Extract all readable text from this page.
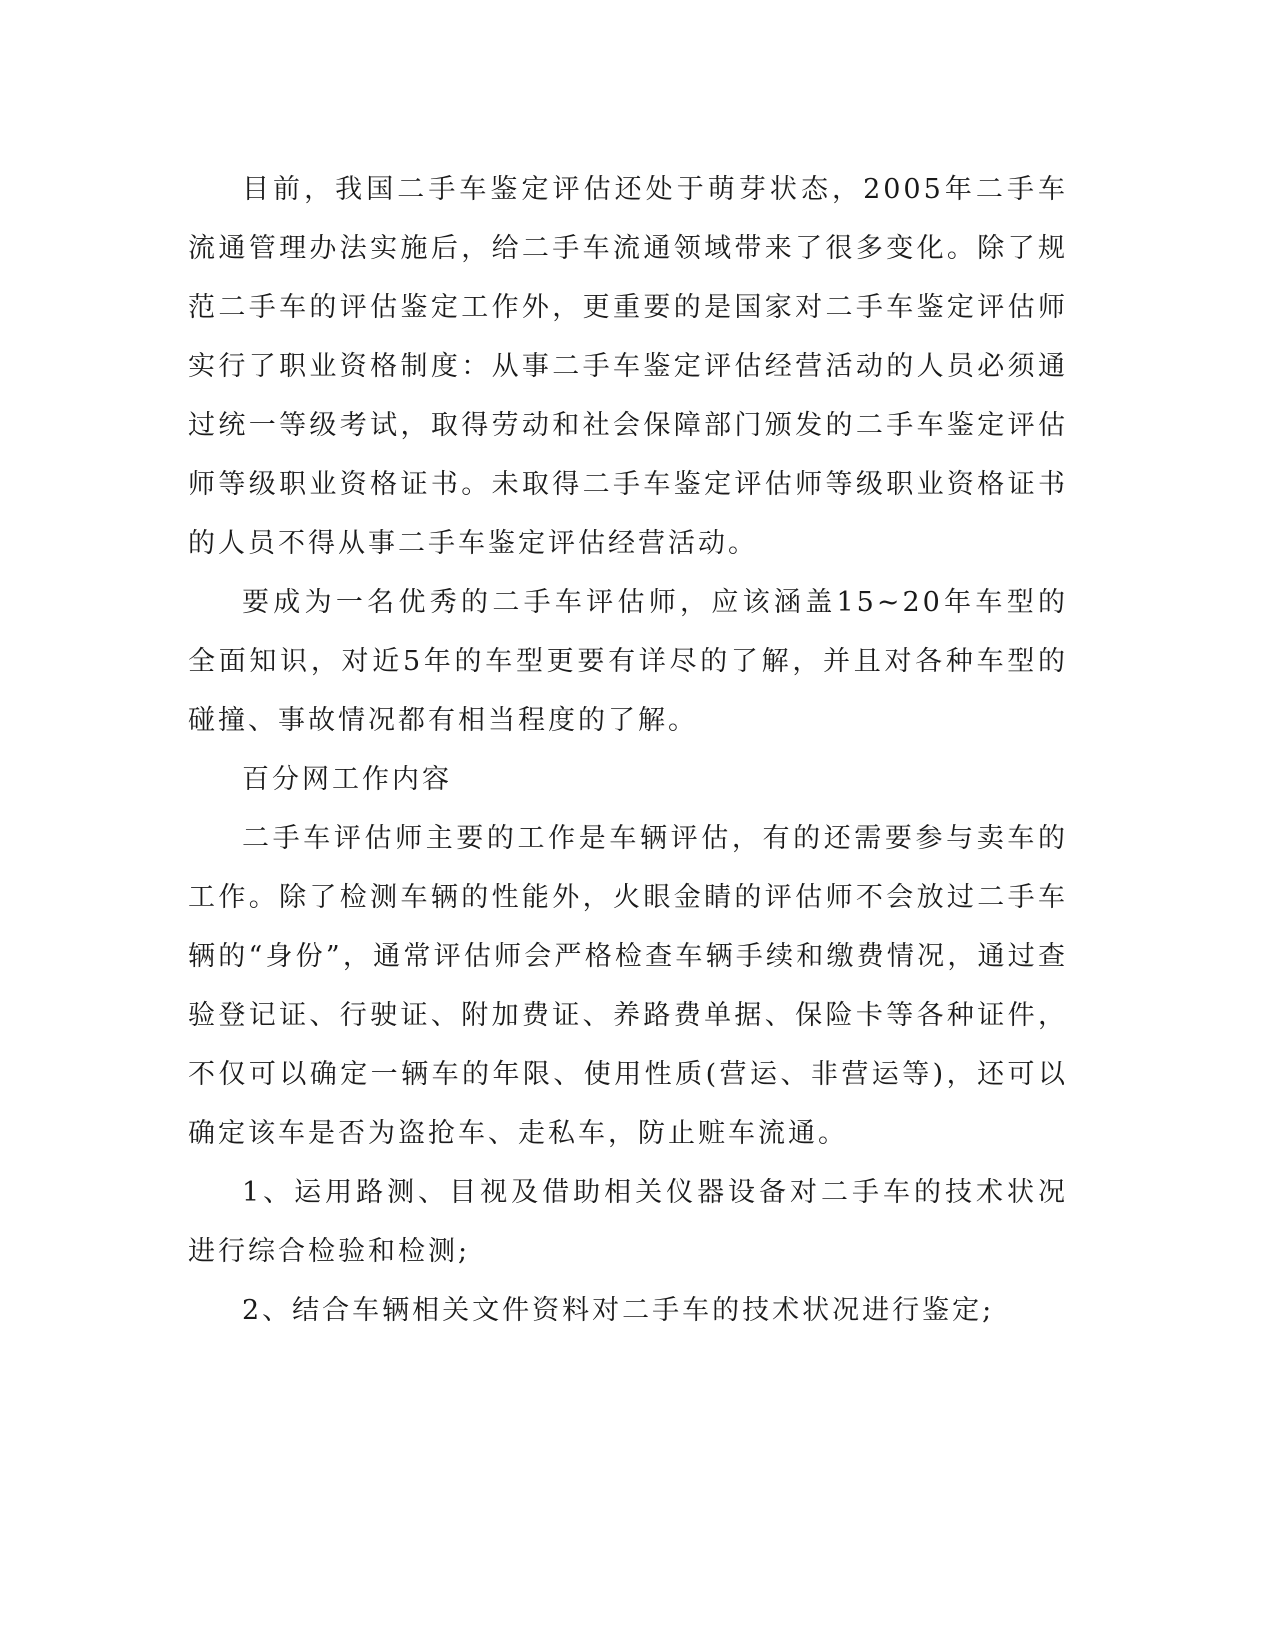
目前，我国二手车鉴定评估还处于萌芽状态，2005年二手车流通管理办法实施后，给二手车流通领域带来了很多变化。除了规范二手车的评估鉴定工作外，更重要的是国家对二手车鉴定评估师实行了职业资格制度：从事二手车鉴定评估经营活动的人员必须通过统一等级考试，取得劳动和社会保障部门颁发的二手车鉴定评估师等级职业资格证书。未取得二手车鉴定评估师等级职业资格证书的人员不得从事二手车鉴定评估经营活动。

要成为一名优秀的二手车评估师，应该涵盖15~20年车型的全面知识，对近5年的车型更要有详尽的了解，并且对各种车型的碰撞、事故情况都有相当程度的了解。

百分网工作内容

二手车评估师主要的工作是车辆评估，有的还需要参与卖车的工作。除了检测车辆的性能外，火眼金睛的评估师不会放过二手车辆的“身份”，通常评估师会严格检查车辆手续和缴费情况，通过查验登记证、行驶证、附加费证、养路费单据、保险卡等各种证件，不仅可以确定一辆车的年限、使用性质(营运、非营运等)，还可以确定该车是否为盗抢车、走私车，防止赃车流通。

1、运用路测、目视及借助相关仪器设备对二手车的技术状况进行综合检验和检测;

2、结合车辆相关文件资料对二手车的技术状况进行鉴定;
